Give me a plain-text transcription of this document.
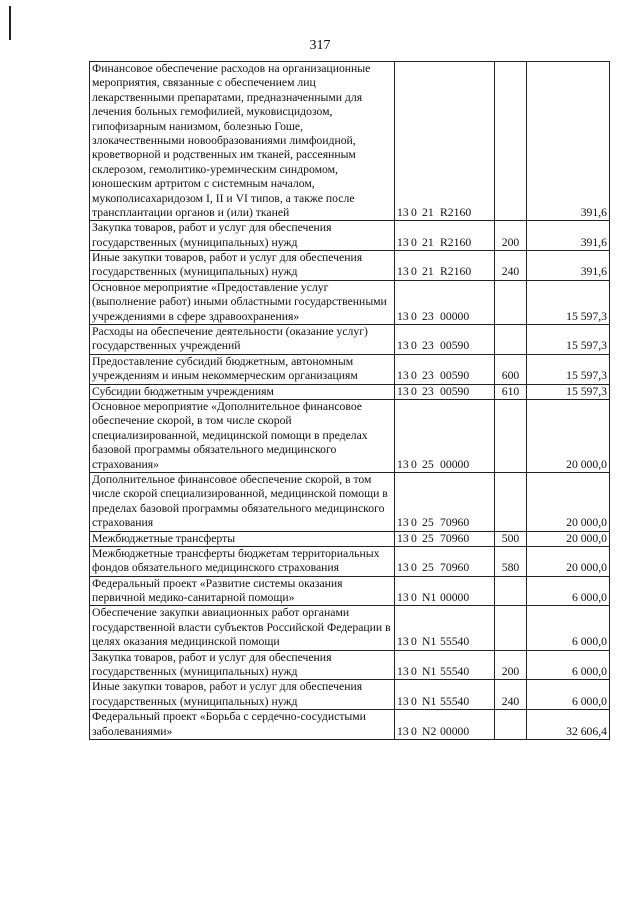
317
Финансовое обеспечение расходов на организационные мероприятия, связанные с обеспечением лиц лекарственными препаратами, предназначенными для лечения больных гемофилией, муковисцидозом, гипофизарным нанизмом, болезнью Гоше, злокачественными новообразованиями лимфоидной, кроветворной и родственных им тканей, рассеянным склерозом, гемолитико-уремическим синдромом, юношеским артритом с системным началом, мукополисахаридозом I, II и VI типов, а также после трансплантации органов и (или) тканей	13 0 21 R2160		391,6
Закупка товаров, работ и услуг для обеспечения государственных (муниципальных) нужд	13 0 21 R2160	200	391,6
Иные закупки товаров, работ и услуг для обеспечения государственных (муниципальных) нужд	13 0 21 R2160	240	391,6
Основное мероприятие «Предоставление услуг (выполнение работ) иными областными государственными учреждениями в сфере здравоохранения»	13 0 23 00000		15 597,3
Расходы на обеспечение деятельности (оказание услуг) государственных учреждений	13 0 23 00590		15 597,3
Предоставление субсидий бюджетным, автономным учреждениям и иным некоммерческим организациям	13 0 23 00590	600	15 597,3
Субсидии бюджетным учреждениям	13 0 23 00590	610	15 597,3
Основное мероприятие «Дополнительное финансовое обеспечение скорой, в том числе скорой специализированной, медицинской помощи в пределах базовой программы обязательного медицинского страхования»	13 0 25 00000		20 000,0
Дополнительное финансовое обеспечение скорой, в том числе скорой специализированной, медицинской помощи в пределах базовой программы обязательного медицинского страхования	13 0 25 70960		20 000,0
Межбюджетные трансферты	13 0 25 70960	500	20 000,0
Межбюджетные трансферты бюджетам территориальных фондов обязательного медицинского страхования	13 0 25 70960	580	20 000,0
Федеральный проект «Развитие системы оказания первичной медико-санитарной помощи»	13 0 N1 00000		6 000,0
Обеспечение закупки авиационных работ органами государственной власти субъектов Российской Федерации в целях оказания медицинской помощи	13 0 N1 55540		6 000,0
Закупка товаров, работ и услуг для обеспечения государственных (муниципальных) нужд	13 0 N1 55540	200	6 000,0
Иные закупки товаров, работ и услуг для обеспечения государственных (муниципальных) нужд	13 0 N1 55540	240	6 000,0
Федеральный проект «Борьба с сердечно-сосудистыми заболеваниями»	13 0 N2 00000		32 606,4
